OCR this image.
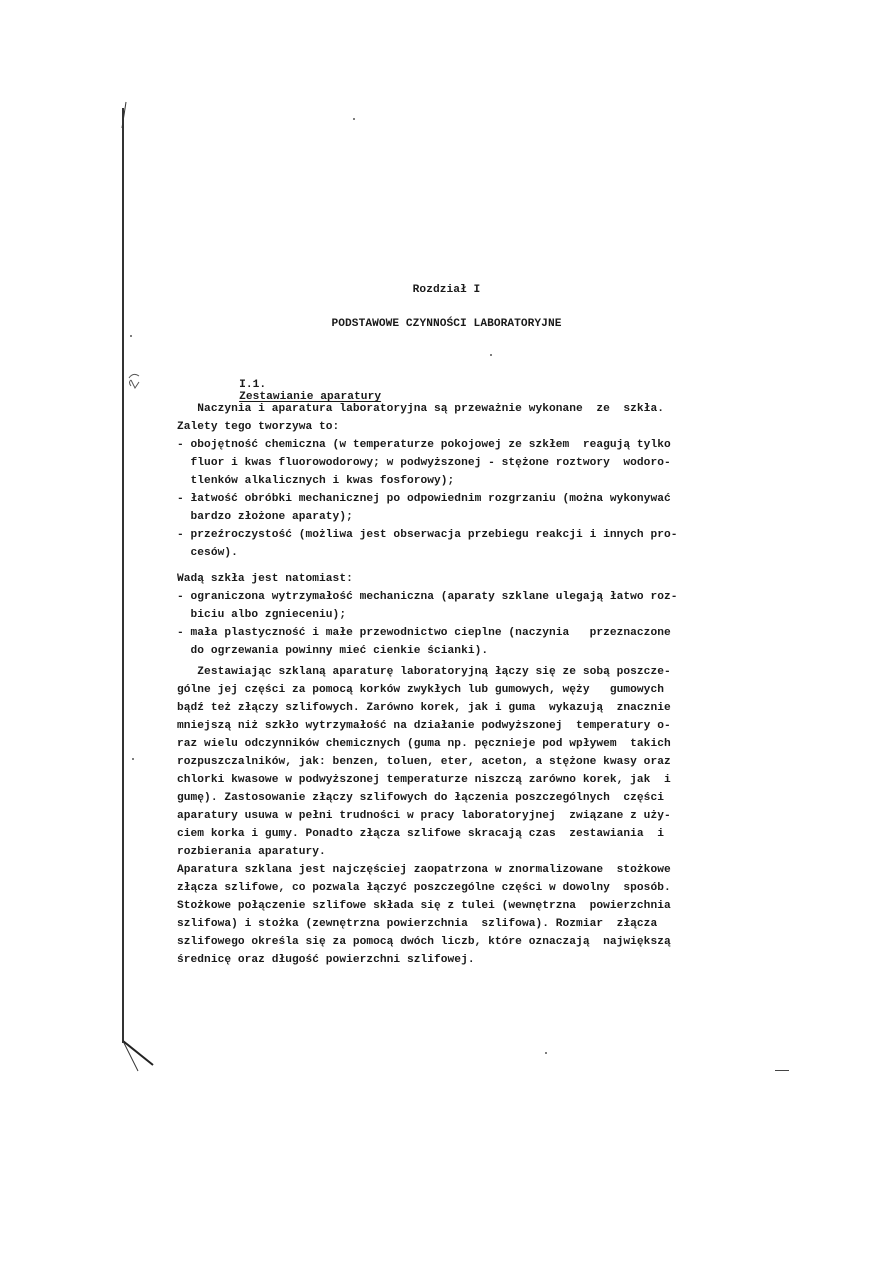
Rozdział I
PODSTAWOWE CZYNNOŚCI LABORATORYJNE

I.1.
Zestawianie aparatury

Naczynia i aparatura laboratoryjna są przeważnie wykonane  ze  szkła.
Zalety tego tworzywa to:
- obojętność chemiczna (w temperaturze pokojowej ze szkłem  reagują tylko
fluor i kwas fluorowodorowy; w podwyższonej - stężone roztwory  wodoro-
tlenków alkalicznych i kwas fosforowy);
- łatwość obróbki mechanicznej po odpowiednim rozgrzaniu (można wykonywać
bardzo złożone aparaty);
- przeźroczystość (możliwa jest obserwacja przebiegu reakcji i innych pro-
cesów).
Wadą szkła jest natomiast:
- ograniczona wytrzymałość mechaniczna (aparaty szklane ulegają łatwo roz-
biciu albo zgnieceniu);
- mała plastyczność i małe przewodnictwo cieplne (naczynia   przeznaczone
do ogrzewania powinny mieć cienkie ścianki).
Zestawiając szklaną aparaturę laboratoryjną łączy się ze sobą poszcze-
gólne jej części za pomocą korków zwykłych lub gumowych, węży   gumowych
bądź też złączy szlifowych. Zarówno korek, jak i guma  wykazują  znacznie
mniejszą niż szkło wytrzymałość na działanie podwyższonej  temperatury o-
raz wielu odczynników chemicznych (guma np. pęcznieje pod wpływem  takich
rozpuszczalników, jak: benzen, toluen, eter, aceton, a stężone kwasy oraz
chlorki kwasowe w podwyższonej temperaturze niszczą zarówno korek, jak  i
gumę). Zastosowanie złączy szlifowych do łączenia poszczególnych  części
aparatury usuwa w pełni trudności w pracy laboratoryjnej  związane z uży-
ciem korka i gumy. Ponadto złącza szlifowe skracają czas  zestawiania  i
rozbierania aparatury.
Aparatura szklana jest najczęściej zaopatrzona w znormalizowane  stożkowe
złącza szlifowe, co pozwala łączyć poszczególne części w dowolny  sposób.
Stożkowe połączenie szlifowe składa się z tulei (wewnętrzna  powierzchnia
szlifowa) i stożka (zewnętrzna powierzchnia  szlifowa). Rozmiar  złącza
szlifowego określa się za pomocą dwóch liczb, które oznaczają  największą
średnicę oraz długość powierzchni szlifowej.
